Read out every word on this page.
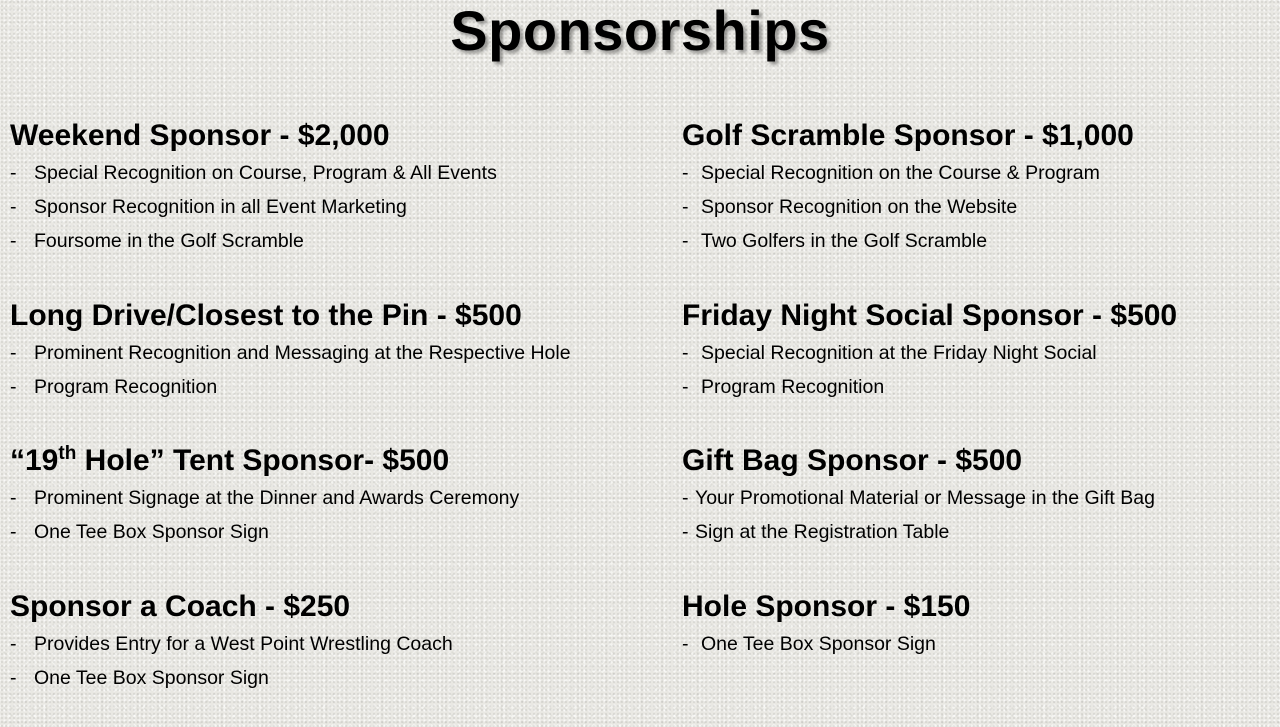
Sponsorships
Weekend Sponsor - $2,000
- Special Recognition on Course, Program & All Events
- Sponsor Recognition in all Event Marketing
- Foursome in the Golf Scramble
Long Drive/Closest to the Pin - $500
- Prominent Recognition and Messaging at the Respective Hole
- Program Recognition
“19th Hole” Tent Sponsor- $500
- Prominent Signage at the Dinner and Awards Ceremony
- One Tee Box Sponsor Sign
Sponsor a Coach - $250
- Provides Entry for a West Point Wrestling Coach
- One Tee Box Sponsor Sign
Golf Scramble Sponsor - $1,000
- Special Recognition on the Course & Program
- Sponsor Recognition on the Website
- Two Golfers in the Golf Scramble
Friday Night Social Sponsor - $500
- Special Recognition at the Friday Night Social
- Program Recognition
Gift Bag Sponsor - $500
- Your Promotional Material or Message in the Gift Bag
- Sign at the Registration Table
Hole Sponsor - $150
- One Tee Box Sponsor Sign
